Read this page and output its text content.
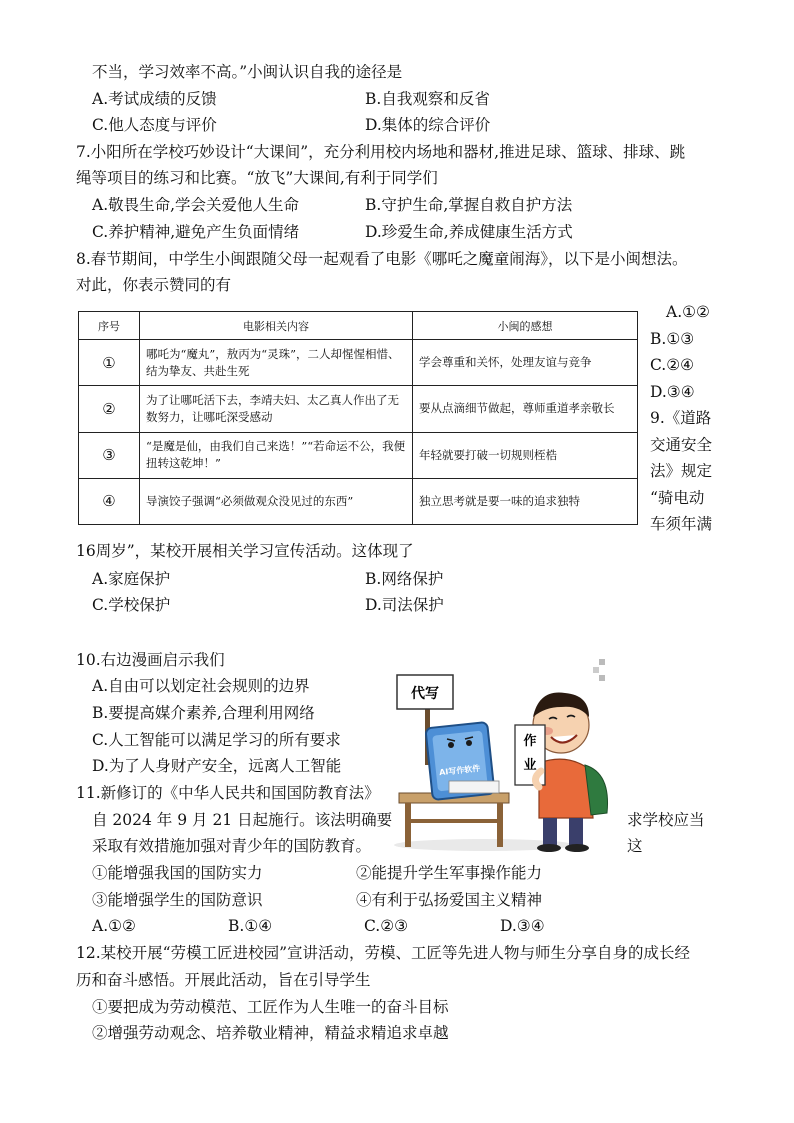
不当，学习效率不高。”小闽认识自我的途径是
A.考试成绩的反馈	B.自我观察和反省
C.他人态度与评价	D.集体的综合评价
7.小阳所在学校巧妙设计“大课间”，充分利用校内场地和器材,推进足球、篮球、排球、跳
绳等项目的练习和比赛。“放飞”大课间,有利于同学们
A.敬畏生命,学会关爱他人生命	B.守护生命,掌握自救自护方法
C.养护精神,避免产生负面情绪	D.珍爱生命,养成健康生活方式
8.春节期间，中学生小闽跟随父母一起观看了电影《哪吒之魔童闹海》，以下是小闽想法。
对此，你表示赞同的有
序号	电影相关内容	小闽的感想
①	哪吒为“魔丸”，敖丙为“灵珠”，二人却惺惺相惜、结为挚友、共赴生死	学会尊重和关怀，处理友谊与竞争
②	为了让哪吒活下去，李靖夫妇、太乙真人作出了无数努力，让哪吒深受感动	要从点滴细节做起，尊师重道孝亲敬长
③	“是魔是仙，由我们自己来选！”“若命运不公，我便扭转这乾坤！”	年轻就要打破一切规则桎梏
④	导演饺子强调“必须做观众没见过的东西”	独立思考就是要一味的追求独特
A.①②
B.①③
C.②④
D.③④
9.《道路
交通安全
法》规定
“骑电动
车须年满
16周岁”，某校开展相关学习宣传活动。这体现了
A.家庭保护	B.网络保护
C.学校保护	D.司法保护
10.右边漫画启示我们
A.自由可以划定社会规则的边界
B.要提高媒介素养,合理利用网络
C.人工智能可以满足学习的所有要求
D.为了人身财产安全，远离人工智能
代写
AI写作软件
作
业
11.新修订的《中华人民共和国国防教育法》
自 2024 年 9 月 21 日起施行。该法明确要	求学校应当
采取有效措施加强对青少年的国防教育。	这
①能增强我国的国防实力	②能提升学生军事操作能力
③能增强学生的国防意识	④有利于弘扬爱国主义精神
A.①②	B.①④	C.②③	D.③④
12.某校开展“劳模工匠进校园”宣讲活动，劳模、工匠等先进人物与师生分享自身的成长经
历和奋斗感悟。开展此活动，旨在引导学生
①要把成为劳动模范、工匠作为人生唯一的奋斗目标
②增强劳动观念、培养敬业精神，精益求精追求卓越
